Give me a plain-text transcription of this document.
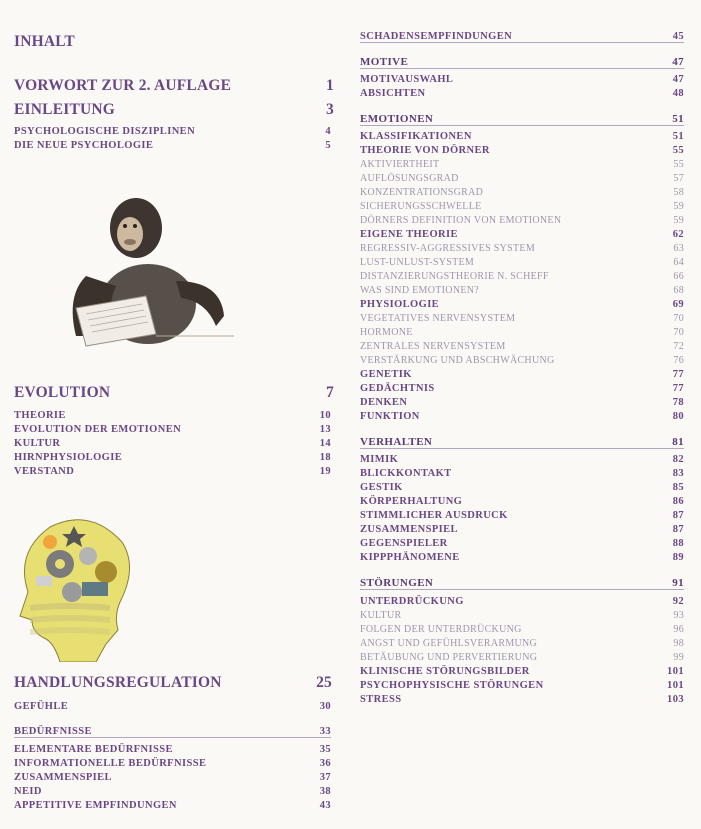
INHALT
VORWORT ZUR 2. AUFLAGE	1
EINLEITUNG	3
PSYCHOLOGISCHE DISZIPLINEN	4
DIE NEUE PSYCHOLOGIE	5
EVOLUTION	7
THEORIE	10
EVOLUTION DER EMOTIONEN	13
KULTUR	14
HIRNPHYSIOLOGIE	18
VERSTAND	19
HANDLUNGSREGULATION	25
GEFÜHLE	30
BEDÜRFNISSE	33
ELEMENTARE BEDÜRFNISSE	35
INFORMATIONELLE BEDÜRFNISSE	36
ZUSAMMENSPIEL	37
NEID	38
APPETITIVE EMPFINDUNGEN	43
SCHADENSEMPFINDUNGEN	45
MOTIVE	47
MOTIVAUSWAHL	47
ABSICHTEN	48
EMOTIONEN	51
KLASSIFIKATIONEN	51
THEORIE VON DÖRNER	55
AKTIVIERTHEIT	55
AUFLÖSUNGSGRAD	57
KONZENTRATIONSGRAD	58
SICHERUNGSSCHWELLE	59
DÖRNERS DEFINITION VON EMOTIONEN	59
EIGENE THEORIE	62
REGRESSIV-AGGRESSIVES SYSTEM	63
LUST-UNLUST-SYSTEM	64
DISTANZIERUNGSTHEORIE N. SCHEFF	66
WAS SIND EMOTIONEN?	68
PHYSIOLOGIE	69
VEGETATIVES NERVENSYSTEM	70
HORMONE	70
ZENTRALES NERVENSYSTEM	72
VERSTÄRKUNG UND ABSCHWÄCHUNG	76
GENETIK	77
GEDÄCHTNIS	77
DENKEN	78
FUNKTION	80
VERHALTEN	81
MIMIK	82
BLICKKONTAKT	83
GESTIK	85
KÖRPERHALTUNG	86
STIMMLICHER AUSDRUCK	87
ZUSAMMENSPIEL	87
GEGENSPIELER	88
KIPPPHÄNOMENE	89
STÖRUNGEN	91
UNTERDRÜCKUNG	92
KULTUR	93
FOLGEN DER UNTERDRÜCKUNG	96
ANGST UND GEFÜHLSVERARMUNG	98
BETÄUBUNG UND PERVERTIERUNG	99
KLINISCHE STÖRUNGSBILDER	101
PSYCHOPHYSISCHE STÖRUNGEN	101
STRESS	103
